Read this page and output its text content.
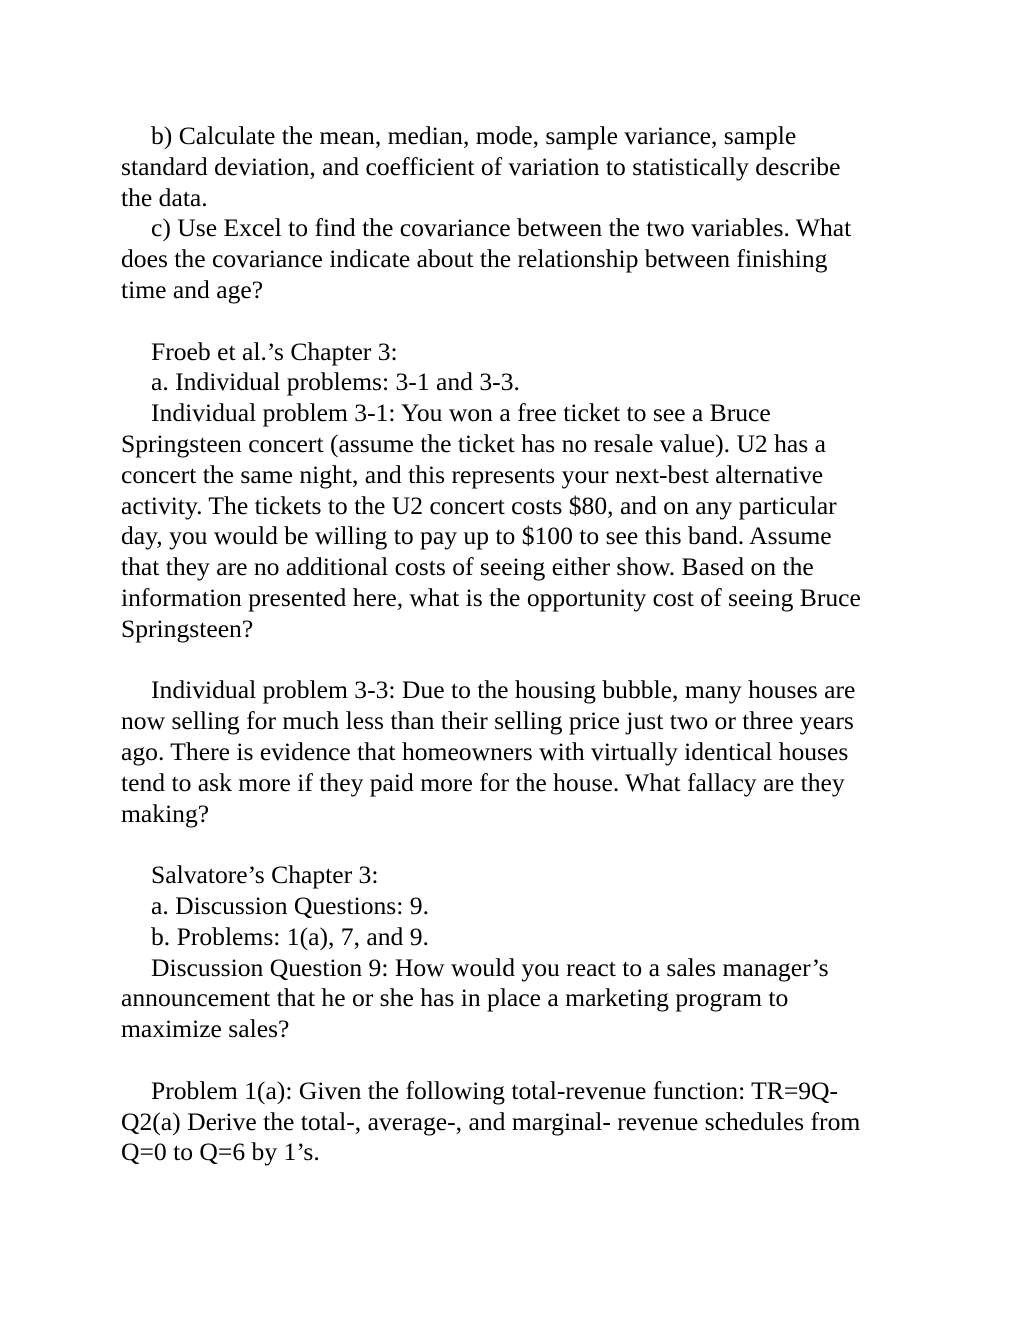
b) Calculate the mean, median, mode, sample variance, sample
standard deviation, and coefficient of variation to statistically describe
the data.
c) Use Excel to find the covariance between the two variables. What
does the covariance indicate about the relationship between finishing
time and age?
Froeb et al.’s Chapter 3:
a. Individual problems: 3-1 and 3-3.
Individual problem 3-1: You won a free ticket to see a Bruce
Springsteen concert (assume the ticket has no resale value). U2 has a
concert the same night, and this represents your next-best alternative
activity. The tickets to the U2 concert costs $80, and on any particular
day, you would be willing to pay up to $100 to see this band. Assume
that they are no additional costs of seeing either show. Based on the
information presented here, what is the opportunity cost of seeing Bruce
Springsteen?
Individual problem 3-3: Due to the housing bubble, many houses are
now selling for much less than their selling price just two or three years
ago. There is evidence that homeowners with virtually identical houses
tend to ask more if they paid more for the house. What fallacy are they
making?
Salvatore’s Chapter 3:
a. Discussion Questions: 9.
b. Problems: 1(a), 7, and 9.
Discussion Question 9: How would you react to a sales manager’s
announcement that he or she has in place a marketing program to
maximize sales?
Problem 1(a): Given the following total-revenue function: TR=9Q-
Q2(a) Derive the total-, average-, and marginal- revenue schedules from
Q=0 to Q=6 by 1’s.
